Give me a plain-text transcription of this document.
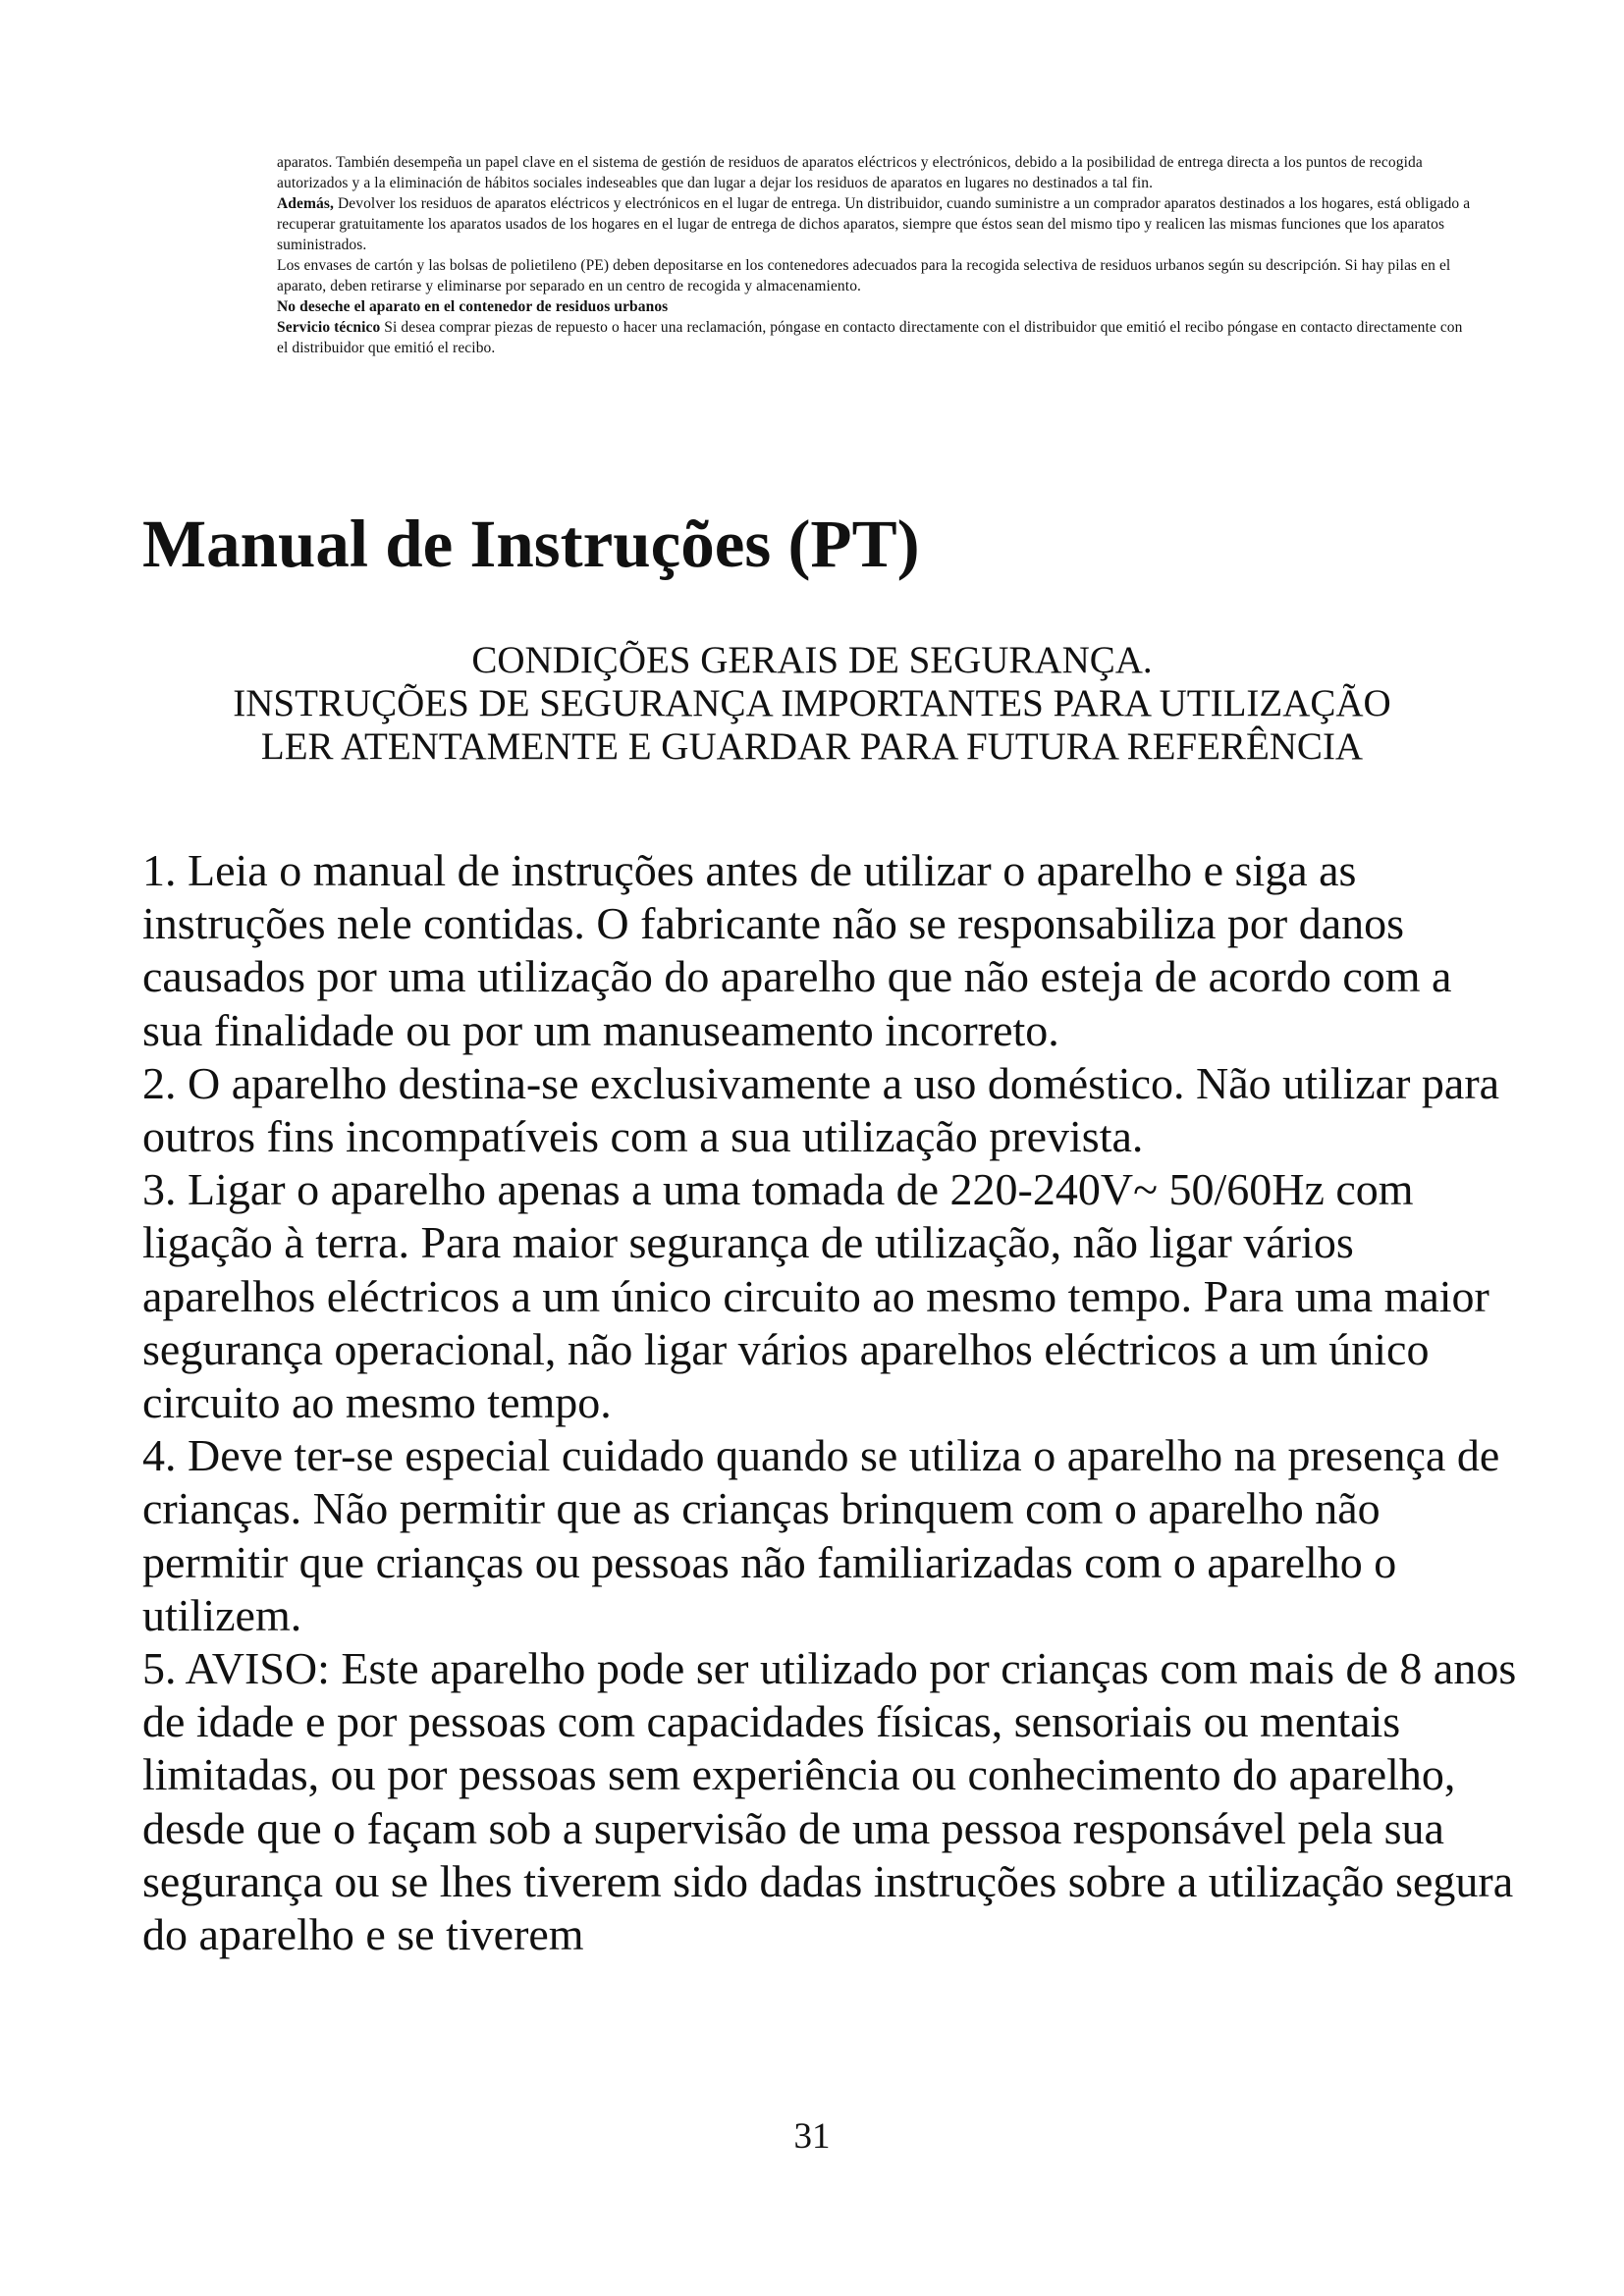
aparatos. También desempeña un papel clave en el sistema de gestión de residuos de aparatos eléctricos y electrónicos, debido a la posibilidad de entrega directa a los puntos de recogida autorizados y a la eliminación de hábitos sociales indeseables que dan lugar a dejar los residuos de aparatos en lugares no destinados a tal fin.

Además, Devolver los residuos de aparatos eléctricos y electrónicos en el lugar de entrega. Un distribuidor, cuando suministre a un comprador aparatos destinados a los hogares, está obligado a recuperar gratuitamente los aparatos usados de los hogares en el lugar de entrega de dichos aparatos, siempre que éstos sean del mismo tipo y realicen las mismas funciones que los aparatos suministrados.

Los envases de cartón y las bolsas de polietileno (PE) deben depositarse en los contenedores adecuados para la recogida selectiva de residuos urbanos según su descripción. Si hay pilas en el aparato, deben retirarse y eliminarse por separado en un centro de recogida y almacenamiento.

No deseche el aparato en el contenedor de residuos urbanos

Servicio técnico Si desea comprar piezas de repuesto o hacer una reclamación, póngase en contacto directamente con el distribuidor que emitió el recibo póngase en contacto directamente con el distribuidor que emitió el recibo.

Manual de Instruções (PT)
CONDIÇÕES GERAIS DE SEGURANÇA.
INSTRUÇÕES DE SEGURANÇA IMPORTANTES PARA UTILIZAÇÃO
LER ATENTAMENTE E GUARDAR PARA FUTURA REFERÊNCIA

1. Leia o manual de instruções antes de utilizar o aparelho e siga as instruções nele contidas. O fabricante não se responsabiliza por danos causados por uma utilização do aparelho que não esteja de acordo com a sua finalidade ou por um manuseamento incorreto.

2. O aparelho destina-se exclusivamente a uso doméstico. Não utilizar para outros fins incompatíveis com a sua utilização prevista.

3. Ligar o aparelho apenas a uma tomada de 220-240V~ 50/60Hz com ligação à terra. Para maior segurança de utilização, não ligar vários aparelhos eléctricos a um único circuito ao mesmo tempo. Para uma maior segurança operacional, não ligar vários aparelhos eléctricos a um único circuito ao mesmo tempo.

4. Deve ter-se especial cuidado quando se utiliza o aparelho na presença de crianças. Não permitir que as crianças brinquem com o aparelho não permitir que crianças ou pessoas não familiarizadas com o aparelho o utilizem.

5. AVISO: Este aparelho pode ser utilizado por crianças com mais de 8 anos de idade e por pessoas com capacidades físicas, sensoriais ou mentais limitadas, ou por pessoas sem experiência ou conhecimento do aparelho, desde que o façam sob a supervisão de uma pessoa responsável pela sua segurança ou se lhes tiverem sido dadas instruções sobre a utilização segura do aparelho e se tiverem

31
